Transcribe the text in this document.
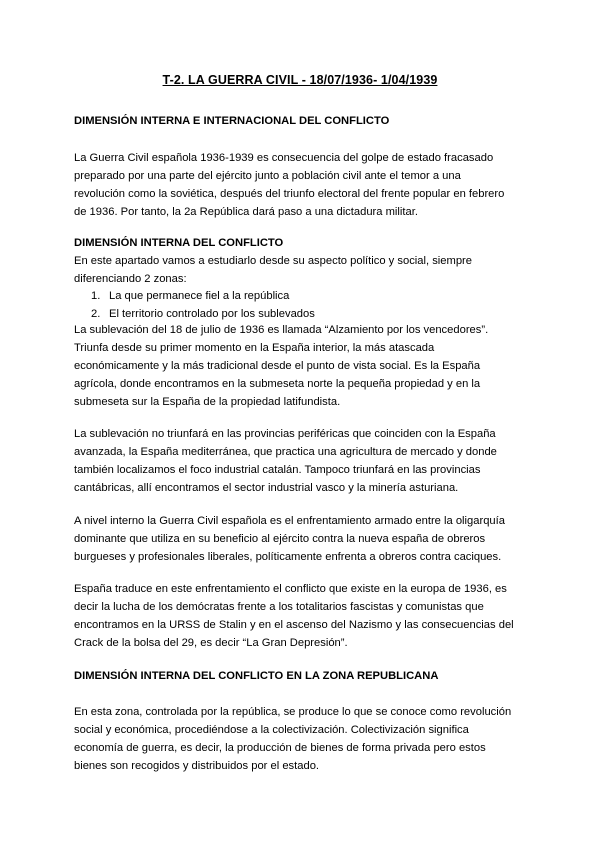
T-2. LA GUERRA CIVIL - 18/07/1936- 1/04/1939
DIMENSIÓN INTERNA E INTERNACIONAL DEL CONFLICTO

La Guerra Civil española 1936-1939 es consecuencia del golpe de estado fracasado
preparado por una parte del ejército junto a población civil ante el temor a una
revolución como la soviética, después del triunfo electoral del frente popular en febrero
de 1936. Por tanto, la 2a República dará paso a una dictadura militar.

DIMENSIÓN INTERNA DEL CONFLICTO

En este apartado vamos a estudiarlo desde su aspecto político y social, siempre
diferenciando 2 zonas:

1. La que permanece fiel a la república
2. El territorio controlado por los sublevados

La sublevación del 18 de julio de 1936 es llamada “Alzamiento por los vencedores”.
Triunfa desde su primer momento en la España interior, la más atascada
económicamente y la más tradicional desde el punto de vista social. Es la España
agrícola, donde encontramos en la submeseta norte la pequeña propiedad y en la
submeseta sur la España de la propiedad latifundista.

La sublevación no triunfará en las provincias periféricas que coinciden con la España
avanzada, la España mediterránea, que practica una agricultura de mercado y donde
también localizamos el foco industrial catalán. Tampoco triunfará en las provincias
cantábricas, allí encontramos el sector industrial vasco y la minería asturiana.

A nivel interno la Guerra Civil española es el enfrentamiento armado entre la oligarquía
dominante que utiliza en su beneficio al ejército contra la nueva españa de obreros
burgueses y profesionales liberales, políticamente enfrenta a obreros contra caciques.

España traduce en este enfrentamiento el conflicto que existe en la europa de 1936, es
decir la lucha de los demócratas frente a los totalitarios fascistas y comunistas que
encontramos en la URSS de Stalin y en el ascenso del Nazismo y las consecuencias del
Crack de la bolsa del 29, es decir “La Gran Depresión”.

DIMENSIÓN INTERNA DEL CONFLICTO EN LA ZONA REPUBLICANA

En esta zona, controlada por la república, se produce lo que se conoce como revolución
social y económica, procediéndose a la colectivización. Colectivización significa
economía de guerra, es decir, la producción de bienes de forma privada pero estos
bienes son recogidos y distribuidos por el estado.
